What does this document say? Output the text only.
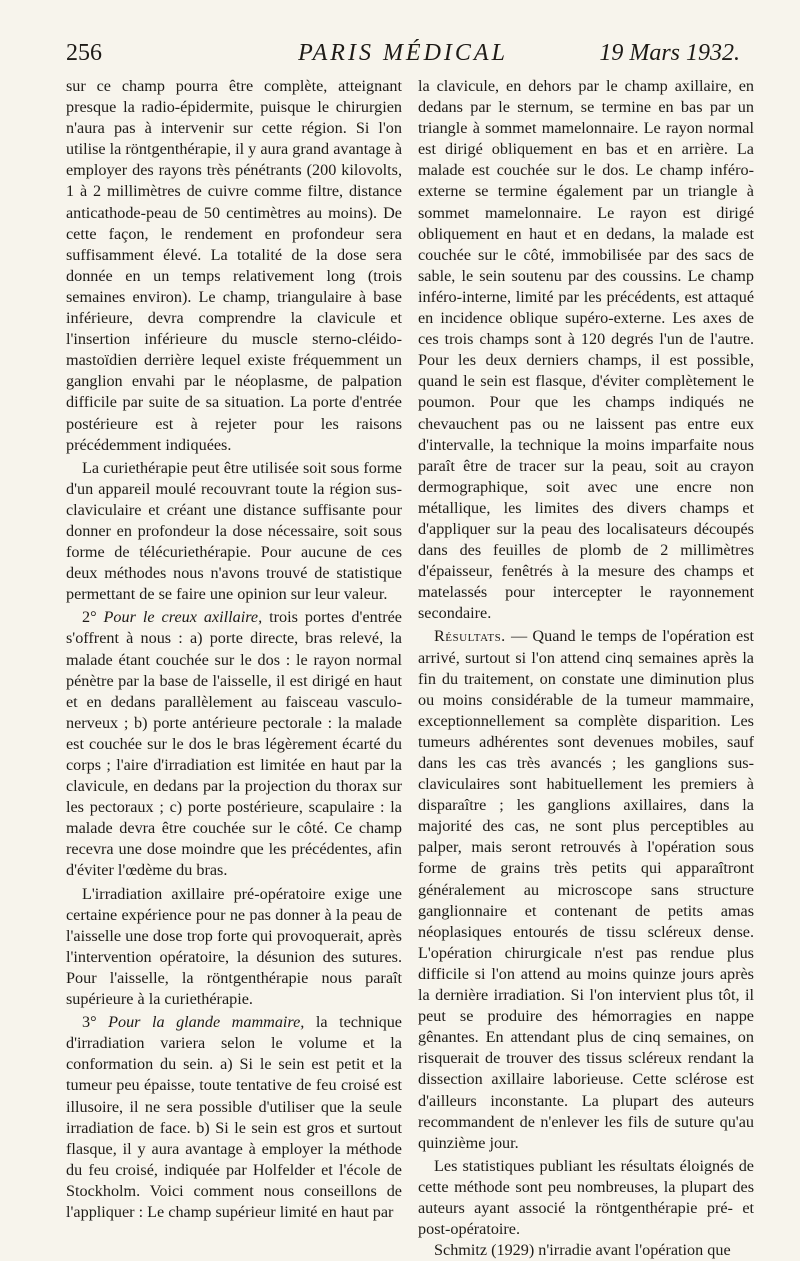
256	PARIS MÉDICAL	19 Mars 1932.

sur ce champ pourra être complète, atteignant presque la radio-épidermite, puisque le chirurgien n'aura pas à intervenir sur cette région. Si l'on utilise la röntgenthérapie, il y aura grand avantage à employer des rayons très pénétrants (200 kilovolts, 1 à 2 millimètres de cuivre comme filtre, distance anticathode-peau de 50 centimètres au moins). De cette façon, le rendement en profondeur sera suffisamment élevé. La totalité de la dose sera donnée en un temps relativement long (trois semaines environ). Le champ, triangulaire à base inférieure, devra comprendre la clavicule et l'insertion inférieure du muscle sterno-cléido-mastoïdien derrière lequel existe fréquemment un ganglion envahi par le néoplasme, de palpation difficile par suite de sa situation. La porte d'entrée postérieure est à rejeter pour les raisons précédemment indiquées.

La curiethérapie peut être utilisée soit sous forme d'un appareil moulé recouvrant toute la région sus-claviculaire et créant une distance suffisante pour donner en profondeur la dose nécessaire, soit sous forme de télécuriethérapie. Pour aucune de ces deux méthodes nous n'avons trouvé de statistique permettant de se faire une opinion sur leur valeur.

2° Pour le creux axillaire, trois portes d'entrée s'offrent à nous : a) porte directe, bras relevé, la malade étant couchée sur le dos : le rayon normal pénètre par la base de l'aisselle, il est dirigé en haut et en dedans parallèlement au faisceau vasculo-nerveux ; b) porte antérieure pectorale : la malade est couchée sur le dos le bras légèrement écarté du corps ; l'aire d'irradiation est limitée en haut par la clavicule, en dedans par la projection du thorax sur les pectoraux ; c) porte postérieure, scapulaire : la malade devra être couchée sur le côté. Ce champ recevra une dose moindre que les précédentes, afin d'éviter l'œdème du bras.

L'irradiation axillaire pré-opératoire exige une certaine expérience pour ne pas donner à la peau de l'aisselle une dose trop forte qui provoquerait, après l'intervention opératoire, la désunion des sutures. Pour l'aisselle, la röntgenthérapie nous paraît supérieure à la curiethérapie.

3° Pour la glande mammaire, la technique d'irradiation variera selon le volume et la conformation du sein. a) Si le sein est petit et la tumeur peu épaisse, toute tentative de feu croisé est illusoire, il ne sera possible d'utiliser que la seule irradiation de face. b) Si le sein est gros et surtout flasque, il y aura avantage à employer la méthode du feu croisé, indiquée par Holfelder et l'école de Stockholm. Voici comment nous conseillons de l'appliquer : Le champ supérieur limité en haut par

la clavicule, en dehors par le champ axillaire, en dedans par le sternum, se termine en bas par un triangle à sommet mamelonnaire. Le rayon normal est dirigé obliquement en bas et en arrière. La malade est couchée sur le dos. Le champ inféro-externe se termine également par un triangle à sommet mamelonnaire. Le rayon est dirigé obliquement en haut et en dedans, la malade est couchée sur le côté, immobilisée par des sacs de sable, le sein soutenu par des coussins. Le champ inféro-interne, limité par les précédents, est attaqué en incidence oblique supéro-externe. Les axes de ces trois champs sont à 120 degrés l'un de l'autre. Pour les deux derniers champs, il est possible, quand le sein est flasque, d'éviter complètement le poumon. Pour que les champs indiqués ne chevauchent pas ou ne laissent pas entre eux d'intervalle, la technique la moins imparfaite nous paraît être de tracer sur la peau, soit au crayon dermographique, soit avec une encre non métallique, les limites des divers champs et d'appliquer sur la peau des localisateurs découpés dans des feuilles de plomb de 2 millimètres d'épaisseur, fenêtrés à la mesure des champs et matelassés pour intercepter le rayonnement secondaire.

Résultats. — Quand le temps de l'opération est arrivé, surtout si l'on attend cinq semaines après la fin du traitement, on constate une diminution plus ou moins considérable de la tumeur mammaire, exceptionnellement sa complète disparition. Les tumeurs adhérentes sont devenues mobiles, sauf dans les cas très avancés ; les ganglions sus-claviculaires sont habituellement les premiers à disparaître ; les ganglions axillaires, dans la majorité des cas, ne sont plus perceptibles au palper, mais seront retrouvés à l'opération sous forme de grains très petits qui apparaîtront généralement au microscope sans structure ganglionnaire et contenant de petits amas néoplasiques entourés de tissu scléreux dense. L'opération chirurgicale n'est pas rendue plus difficile si l'on attend au moins quinze jours après la dernière irradiation. Si l'on intervient plus tôt, il peut se produire des hémorragies en nappe gênantes. En attendant plus de cinq semaines, on risquerait de trouver des tissus scléreux rendant la dissection axillaire laborieuse. Cette sclérose est d'ailleurs inconstante. La plupart des auteurs recommandent de n'enlever les fils de suture qu'au quinzième jour.

Les statistiques publiant les résultats éloignés de cette méthode sont peu nombreuses, la plupart des auteurs ayant associé la röntgenthérapie pré- et post-opératoire.

Schmitz (1929) n'irradie avant l'opération que
